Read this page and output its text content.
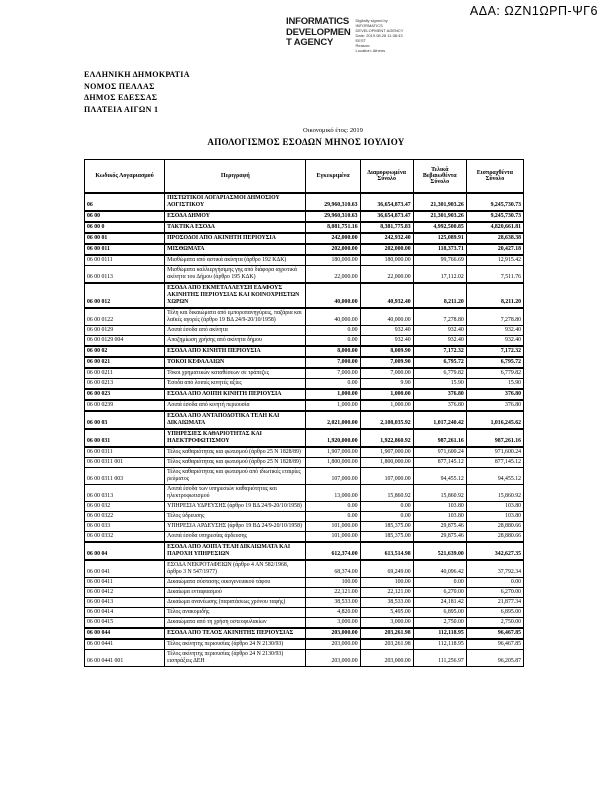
ΑΔΑ: ΩΖΝ1ΩΡΠ-ΨΓ6
INFORMATICS
DEVELOPMEN
T AGENCY
Digitally signed by
INFORMATICS
DEVELOPMENT AGENCY
Date: 2019.08.28 11:38:43
EEST
Reason:
Location: Athens
ΕΛΛΗΝΙΚΗ ΔΗΜΟΚΡΑΤΙΑ
ΝΟΜΟΣ ΠΕΛΛΑΣ
ΔΗΜΟΣ ΕΔΕΣΣΑΣ
ΠΛΑΤΕΙΑ ΑΙΓΩΝ 1
Οικονομικό έτος: 2019
ΑΠΟΛΟΓΙΣΜΟΣ ΕΣΟΔΩΝ ΜΗΝΟΣ ΙΟΥΛΙΟΥ
Κωδικός Λογαριασμού	Περιγραφή	Εγκεκριμένα	Διαμορφωμένα Σύνολο	Τελικά Βεβαιωθέντα Σύνολο	Εισπραχθέντα Σύνολο
06	ΠΙΣΤΩΤΙΚΟΙ ΛΟΓΑΡΙΑΣΜΟΙ ΔΗΜΟΣΙΟΥ ΛΟΓΙΣΤΙΚΟΥ	29,960,310.63	36,654,873.47	21,301,903.26	9,245,730.73
06 00	ΕΣΟΔΑ ΔΗΜΟΥ	29,960,310.63	36,654,873.47	21,301,903.26	9,245,730.73
06 00 0	ΤΑΚΤΙΚΑ ΕΣΟΔΑ	8,081,751.16	8,381,775.83	4,992,500.85	4,820,661.81
06 00 01	ΠΡΟΣΟΔΟΙ ΑΠΟ ΑΚΙΝΗΤΗ ΠΕΡΙΟΥΣΙΑ	242,000.00	242,932.40	125,089.91	28,638.38
06 00 011	ΜΙΣΘΩΜΑΤΑ	202,000.00	202,000.00	118,373.71	20,427.18
06 00 0111	Μισθώματα από αστικά ακίνητα (άρθρο 192 ΚΔΚ)	180,000.00	180,000.00	99,766.69	12,915.42
06 00 0113	Μισθώματα καλλιεργήσιμης γης από διάφορα αγροτικά ακίνητα του Δήμου (άρθρο 195 ΚΔΚ)	22,000.00	22,000.00	17,112.02	7,511.76
06 00 012	ΕΣΟΔΑ ΑΠΟ ΕΚΜΕΤΑΛΛΕΥΣΗ ΕΔΑΦΟΥΣ ΑΚΙΝΗΤΗΣ ΠΕΡΙΟΥΣΙΑΣ ΚΑΙ ΚΟΙΝΟΧΡΗΣΤΩΝ ΧΩΡΩΝ	40,000.00	40,932.40	8,211.20	8,211.20
06 00 0122	Τέλη και δικαιώματα από εμποροπανηγύρεις, παζάρια και λαϊκές αγορές (άρθρο 19 ΒΔ 24/9-20/10/1958)	40,000.00	40,000.00	7,278.80	7,278.80
06 00 0129	Λοιπά έσοδα από ακίνητα	0.00	932.40	932.40	932.40
06 00 0129 004	Αποζημίωση χρήσης από ακίνητα δήμου	0.00	932.40	932.40	932.40
06 00 02	ΕΣΟΔΑ ΑΠΟ ΚΙΝΗΤΗ ΠΕΡΙΟΥΣΙΑ	8,000.00	8,009.90	7,172.32	7,172.32
06 00 021	ΤΟΚΟΙ ΚΕΦΑΛΑΙΩΝ	7,000.00	7,009.90	6,795.72	6,795.72
06 00 0211	Τόκοι χρηματικών καταθέσεων σε τράπεζες	7,000.00	7,000.00	6,779.82	6,779.82
06 00 0213	Έσοδα από λοιπές κινητές αξίες	0.00	9.90	15.90	15.90
06 00 023	ΕΣΟΔΑ ΑΠΟ ΛΟΙΠΗ ΚΙΝΗΤΗ ΠΕΡΙΟΥΣΙΑ	1,000.00	1,000.00	376.80	376.80
06 00 0239	Λοιπά έσοδα από κινητή περιουσία	1,000.00	1,000.00	376.80	376.80
06 00 03	ΕΣΟΔΑ ΑΠΟ ΑΝΤΑΠΟΔΟΤΙΚΑ ΤΕΛΗ ΚΑΙ ΔΙΚΑΙΩΜΑΤΑ	2,021,000.00	2,108,035.92	1,017,240.42	1,016,245.62
06 00 031	ΥΠΗΡΕΣΙΕΣ ΚΑΘΑΡΙΟΤΗΤΑΣ ΚΑΙ ΗΛΕΚΤΡΟΦΩΤΙΣΜΟΥ	1,920,000.00	1,922,860.92	987,261.16	987,261.16
06 00 0311	Τέλος καθαριότητας και φωτισμού (άρθρο 25 Ν 1828/89)	1,907,000.00	1,907,000.00	971,600.24	971,600.24
06 00 0311 001	Τέλος καθαριότητας και φωτισμού (άρθρο 25 Ν 1828/89)	1,800,000.00	1,800,000.00	877,145.12	877,145.12
06 00 0311 003	Τέλος καθαριότητας και φωτισμού από ιδιωτικές εταιρίες ρεύματος	107,000.00	107,000.00	94,455.12	94,455.12
06 00 0313	Λοιπά έσοδα των υπηρεσιών καθαριότητας και ηλεκτροφωτισμού	13,000.00	15,860.92	15,860.92	15,860.92
06 00 032	ΥΠΗΡΕΣΙΑ ΥΔΡΕΥΣΗΣ (άρθρο 19 ΒΔ 24/9-20/10/1958)	0.00	0.00	103.80	103.80
06 00 0322	Τέλος ύδρευσης	0.00	0.00	103.80	103.80
06 00 033	ΥΠΗΡΕΣΙΑ ΑΡΔΕΥΣΗΣ (άρθρο 19 ΒΔ 24/9-20/10/1958)	101,000.00	185,375.00	29,875.46	28,880.66
06 00 0332	Λοιπά έσοδα υπηρεσίας άρδευσης	101,000.00	185,375.00	29,875.46	28,880.66
06 00 04	ΕΣΟΔΑ ΑΠΟ ΛΟΙΠΑ ΤΕΛΗ ΔΙΚΑΙΩΜΑΤΑ ΚΑΙ ΠΑΡΟΧΗ ΥΠΗΡΕΣΙΩΝ	612,374.00	613,514.98	521,639.00	342,627.35
06 00 041	ΕΣΟΔΑ ΝΕΚΡΟΤΑΦΕΙΩΝ (άρθρο 4 ΑΝ 582/1968, άρθρο 3 Ν 547/1977)	68,374.00	69,249.00	40,096.42	37,792.34
06 00 0411	Δικαιώματα σύστασης οικογενειακού τάφου	100.00	100.00	0.00	0.00
06 00 0412	Δικαίωμα ενταφιασμού	22,121.00	22,121.00	6,270.00	6,270.00
06 00 0413	Δικαίωμα ανανέωσης (παρατάσεως χρόνου ταφής)	38,533.00	38,533.00	24,181.42	21,877.34
06 00 0414	Τέλος ανακομιδής	4,820.00	5,495.00	6,895.00	6,895.00
06 00 0415	Δικαιώματα από τη χρήση οστεοφυλακίων	3,000.00	3,000.00	2,750.00	2,750.00
06 00 044	ΕΣΟΔΑ ΑΠΟ ΤΕΛΟΣ ΑΚΙΝΗΤΗΣ ΠΕΡΙΟΥΣΙΑΣ	203,000.00	203,261.98	112,118.95	96,467.85
06 00 0441	Τέλος ακίνητης περιουσίας (άρθρο 24 Ν 2130/93)	203,000.00	203,261.98	112,118.95	96,467.85
06 00 0441 001	Τέλος ακίνητης περιουσίας (άρθρο 24 Ν 2130/93) εισπράξεις ΔΕΗ	203,000.00	203,000.00	111,256.97	96,205.87
